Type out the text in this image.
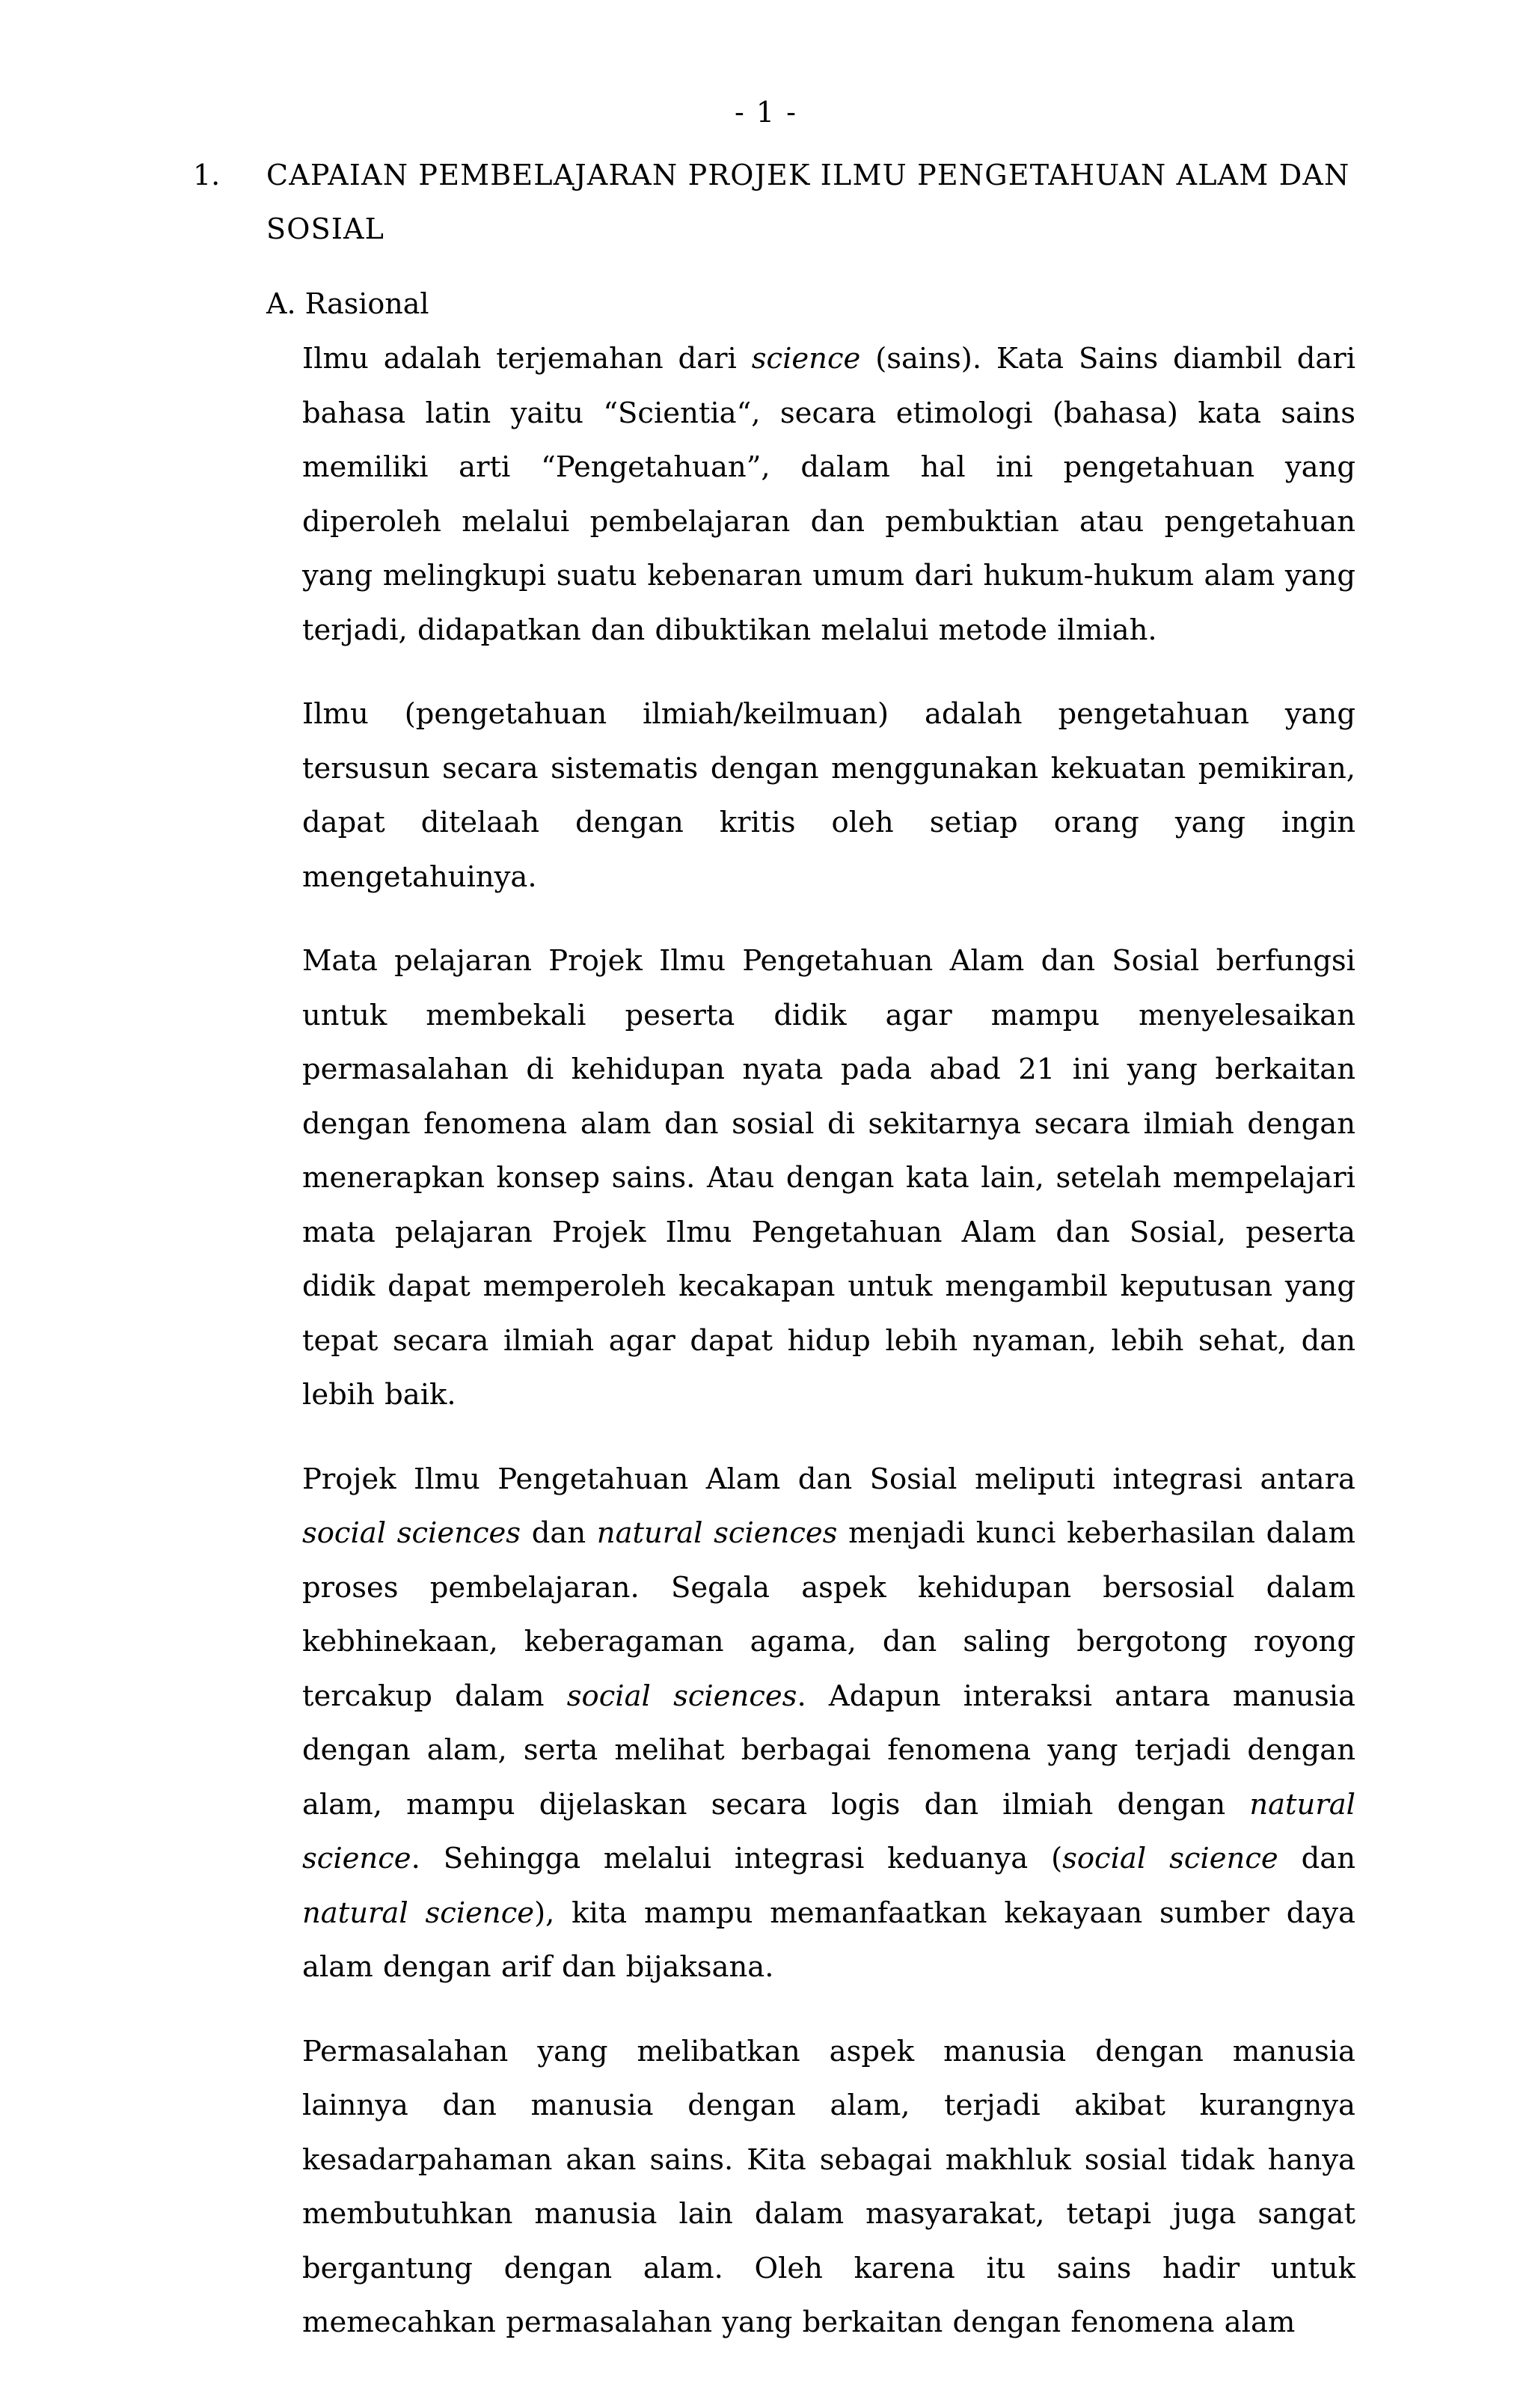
- 1 -
1. CAPAIAN PEMBELAJARAN PROJEK ILMU PENGETAHUAN ALAM DAN SOSIAL
A. Rasional

Ilmu adalah terjemahan dari science (sains). Kata Sains diambil dari bahasa latin yaitu “Scientia“, secara etimologi (bahasa) kata sains memiliki arti “Pengetahuan”, dalam hal ini pengetahuan yang diperoleh melalui pembelajaran dan pembuktian atau pengetahuan yang melingkupi suatu kebenaran umum dari hukum-hukum alam yang terjadi, didapatkan dan dibuktikan melalui metode ilmiah.

Ilmu (pengetahuan ilmiah/keilmuan) adalah pengetahuan yang tersusun secara sistematis dengan menggunakan kekuatan pemikiran, dapat ditelaah dengan kritis oleh setiap orang yang ingin mengetahuinya.

Mata pelajaran Projek Ilmu Pengetahuan Alam dan Sosial berfungsi untuk membekali peserta didik agar mampu menyelesaikan permasalahan di kehidupan nyata pada abad 21 ini yang berkaitan dengan fenomena alam dan sosial di sekitarnya secara ilmiah dengan menerapkan konsep sains. Atau dengan kata lain, setelah mempelajari mata pelajaran Projek Ilmu Pengetahuan Alam dan Sosial, peserta didik dapat memperoleh kecakapan untuk mengambil keputusan yang tepat secara ilmiah agar dapat hidup lebih nyaman, lebih sehat, dan lebih baik.

Projek Ilmu Pengetahuan Alam dan Sosial meliputi integrasi antara social sciences dan natural sciences menjadi kunci keberhasilan dalam proses pembelajaran. Segala aspek kehidupan bersosial dalam kebhinekaan, keberagaman agama, dan saling bergotong royong tercakup dalam social sciences. Adapun interaksi antara manusia dengan alam, serta melihat berbagai fenomena yang terjadi dengan alam, mampu dijelaskan secara logis dan ilmiah dengan natural science. Sehingga melalui integrasi keduanya (social science dan natural science), kita mampu memanfaatkan kekayaan sumber daya alam dengan arif dan bijaksana.

Permasalahan yang melibatkan aspek manusia dengan manusia lainnya dan manusia dengan alam, terjadi akibat kurangnya kesadarpahaman akan sains. Kita sebagai makhluk sosial tidak hanya membutuhkan manusia lain dalam masyarakat, tetapi juga sangat bergantung dengan alam. Oleh karena itu sains hadir untuk memecahkan permasalahan yang berkaitan dengan fenomena alam
